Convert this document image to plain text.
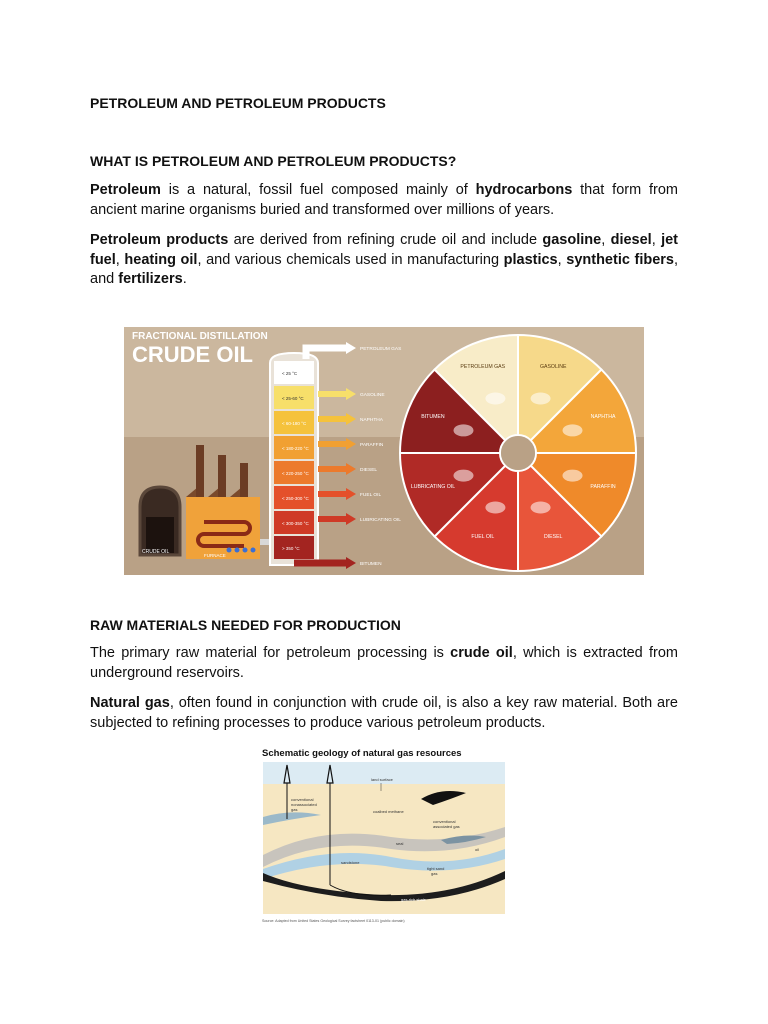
PETROLEUM AND PETROLEUM PRODUCTS
WHAT IS PETROLEUM AND PETROLEUM PRODUCTS?

Petroleum is a natural, fossil fuel composed mainly of hydrocarbons that form from ancient marine organisms buried and transformed over millions of years.

Petroleum products are derived from refining crude oil and include gasoline, diesel, jet fuel, heating oil, and various chemicals used in manufacturing plastics, synthetic fibers, and fertilizers.

FRACTIONAL DISTILLATION
CRUDE OIL
CRUDE OIL
FURNACE
< 25 °C
< 25-60 °C
< 60-180 °C
< 180-220 °C
< 220-250 °C
< 250-300 °C
< 300-350 °C
> 350 °C
PETROLEUM GAS
GASOLINE
NAPHTHA
PARAFFIN
DIESEL
FUEL OIL
LUBRICATING OIL
BITUMEN
GASOLINE
NAPHTHA
PARAFFIN
DIESEL
FUEL OIL
LUBRICATING OIL
BITUMEN
PETROLEUM GAS
RAW MATERIALS NEEDED FOR PRODUCTION

The primary raw material for petroleum processing is crude oil, which is extracted from underground reservoirs.

Natural gas, often found in conjunction with crude oil, is also a key raw material. Both are subjected to refining processes to produce various petroleum products.

Schematic geology of natural gas resources
land surface
conventional
nonassociated
gas	coalbed methane
conventional
associated gas
oil
seal
sandstone
tight sand
gas
gas-rich shale
Source: Adapted from United States Geological Survey factsheet 0113-01 (public domain)
